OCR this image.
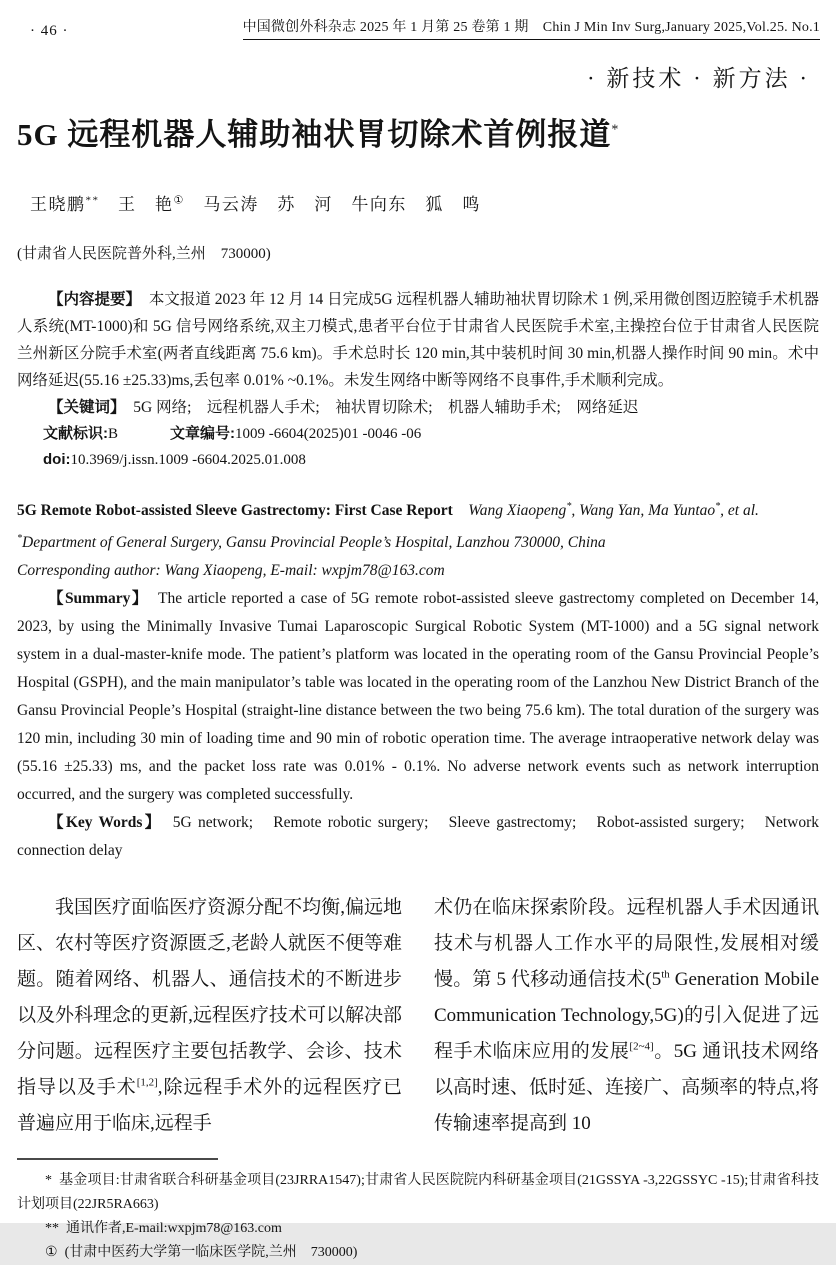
· 46 ·	中国微创外科杂志 2025 年 1 月第 25 卷第 1 期　Chin J Min Inv Surg,January 2025,Vol.25. No.1
· 新技术 · 新方法 ·
5G 远程机器人辅助袖状胃切除术首例报道*
王晓鹏**　王　艳①　马云涛　苏　河　牛向东　狐　鸣
(甘肃省人民医院普外科,兰州　730000)

【内容提要】　 本文报道 2023 年 12 月 14 日完成5G 远程机器人辅助袖状胃切除术 1 例,采用微创图迈腔镜手术机器人系统(MT-1000)和 5G 信号网络系统,双主刀模式,患者平台位于甘肃省人民医院手术室,主操控台位于甘肃省人民医院兰州新区分院手术室(两者直线距离 75.6 km)。手术总时长 120 min,其中装机时间 30 min,机器人操作时间 90 min。术中网络延迟(55.16 ±25.33)ms,丢包率 0.01% ~0.1%。未发生网络中断等网络不良事件,手术顺利完成。

【关键词】　 5G 网络;　远程机器人手术;　袖状胃切除术;　机器人辅助手术;　网络延迟

文献标识:B	文章编号:1009 -6604(2025)01 -0046 -06
doi:10.3969/j.issn.1009 -6604.2025.01.008
5G Remote Robot-assisted Sleeve Gastrectomy: First Case Report　 Wang Xiaopeng*, Wang Yan, Ma Yuntao*, et al.
*Department of General Surgery, Gansu Provincial People’s Hospital, Lanzhou 730000, China
Corresponding author: Wang Xiaopeng, E-mail: wxpjm78@163.com

【Summary】　 The article reported a case of 5G remote robot-assisted sleeve gastrectomy completed on December 14, 2023, by using the Minimally Invasive Tumai Laparoscopic Surgical Robotic System (MT-1000) and a 5G signal network system in a dual-master-knife mode. The patient’s platform was located in the operating room of the Gansu Provincial People’s Hospital (GSPH), and the main manipulator’s table was located in the operating room of the Lanzhou New District Branch of the Gansu Provincial People’s Hospital (straight-line distance between the two being 75.6 km). The total duration of the surgery was 120 min, including 30 min of loading time and 90 min of robotic operation time. The average intraoperative network delay was (55.16 ±25.33) ms, and the packet loss rate was 0.01% - 0.1%. No adverse network events such as network interruption occurred, and the surgery was completed successfully.

【Key Words】　 5G network;　Remote robotic surgery;　Sleeve gastrectomy;　Robot-assisted surgery;　Network connection delay

我国医疗面临医疗资源分配不均衡,偏远地区、农村等医疗资源匮乏,老龄人就医不便等难题。随着网络、机器人、通信技术的不断进步以及外科理念的更新,远程医疗技术可以解决部分问题。远程医疗主要包括教学、会诊、技术指导以及手术[1,2],除远程手术外的远程医疗已普遍应用于临床,远程手

术仍在临床探索阶段。远程机器人手术因通讯技术与机器人工作水平的局限性,发展相对缓慢。第 5 代移动通信技术(5th Generation Mobile Communication Technology,5G)的引入促进了远程手术临床应用的发展[2~4]。5G 通讯技术网络以高时速、低时延、连接广、高频率的特点,将传输速率提高到 10

* 基金项目:甘肃省联合科研基金项目(23JRRA1547);甘肃省人民医院院内科研基金项目(21GSSYA -3,22GSSYC -15);甘肃省科技计划项目(22JR5RA663)

** 通讯作者,E-mail:wxpjm78@163.com

① (甘肃中医药大学第一临床医学院,兰州　730000)
